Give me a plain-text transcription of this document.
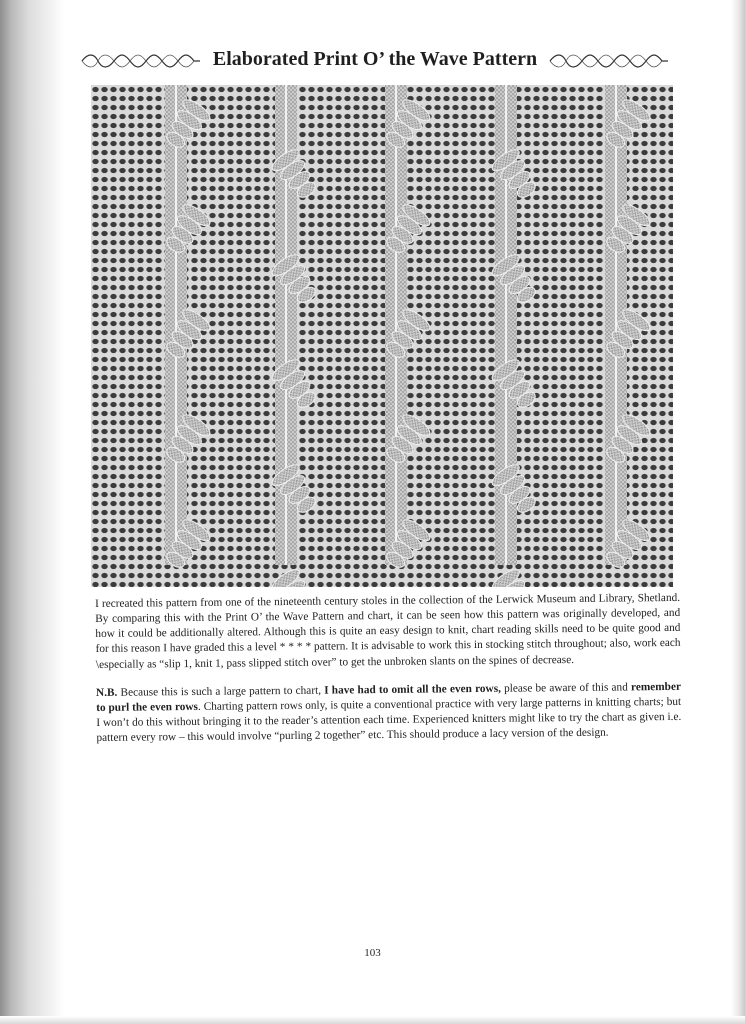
Elaborated Print O’ the Wave Pattern

I recreated this pattern from one of the nineteenth century stoles in the collection of the Lerwick Museum and Library, Shetland. By comparing this with the Print O’ the Wave Pattern and chart, it can be seen how this pattern was originally developed, and how it could be additionally altered. Although this is quite an easy design to knit, chart reading skills need to be quite good and for this reason I have graded this a level * * * * pattern. It is advisable to work this in stocking stitch throughout; also, work each \especially as “slip 1, knit 1, pass slipped stitch over” to get the unbroken slants on the spines of decrease.

N.B. Because this is such a large pattern to chart, I have had to omit all the even rows, please be aware of this and remember to purl the even rows. Charting pattern rows only, is quite a conventional practice with very large patterns in knitting charts; but I won’t do this without bringing it to the reader’s attention each time. Experienced knitters might like to try the chart as given i.e. pattern every row – this would involve “purling 2 together” etc. This should produce a lacy version of the design.

103
